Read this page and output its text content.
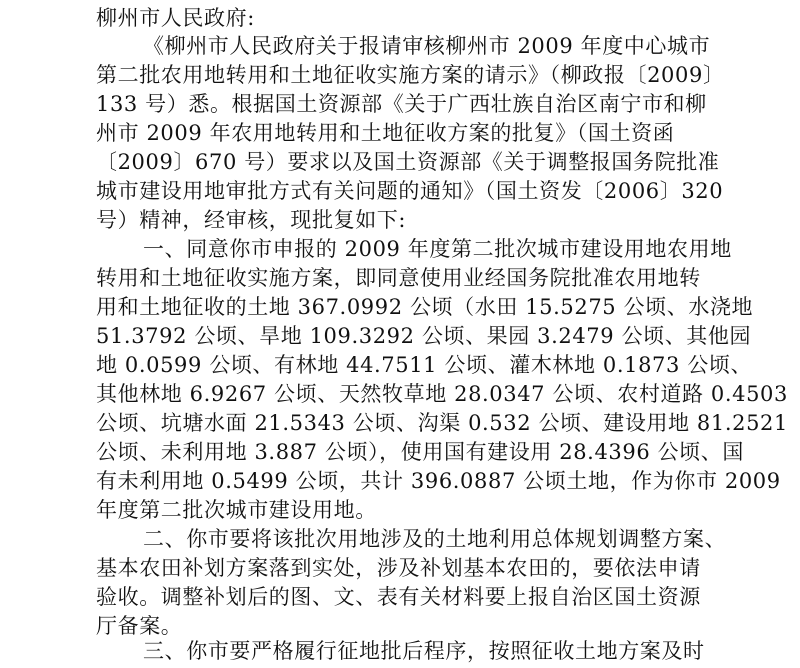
柳州市人民政府:
《柳州市人民政府关于报请审核柳州市 2009 年度中心城市
第二批农用地转用和土地征收实施方案的请示》（柳政报〔2009〕
133 号）悉。根据国土资源部《关于广西壮族自治区南宁市和柳
州市 2009 年农用地转用和土地征收方案的批复》（国土资函
〔2009〕670 号）要求以及国土资源部《关于调整报国务院批准
城市建设用地审批方式有关问题的通知》（国土资发〔2006〕320
号）精神，经审核，现批复如下:
一、同意你市申报的 2009 年度第二批次城市建设用地农用地
转用和土地征收实施方案，即同意使用业经国务院批准农用地转
用和土地征收的土地 367.0992 公顷（水田 15.5275 公顷、水浇地
51.3792 公顷、旱地 109.3292 公顷、果园 3.2479 公顷、其他园
地 0.0599 公顷、有林地 44.7511 公顷、灌木林地 0.1873 公顷、
其他林地 6.9267 公顷、天然牧草地 28.0347 公顷、农村道路 0.4503
公顷、坑塘水面 21.5343 公顷、沟渠 0.532 公顷、建设用地 81.2521
公顷、未利用地 3.887 公顷），使用国有建设用 28.4396 公顷、国
有未利用地 0.5499 公顷，共计 396.0887 公顷土地，作为你市 2009
年度第二批次城市建设用地。
二、你市要将该批次用地涉及的土地利用总体规划调整方案、
基本农田补划方案落到实处，涉及补划基本农田的，要依法申请
验收。调整补划后的图、文、表有关材料要上报自治区国土资源
厅备案。
三、你市要严格履行征地批后程序，按照征收土地方案及时
